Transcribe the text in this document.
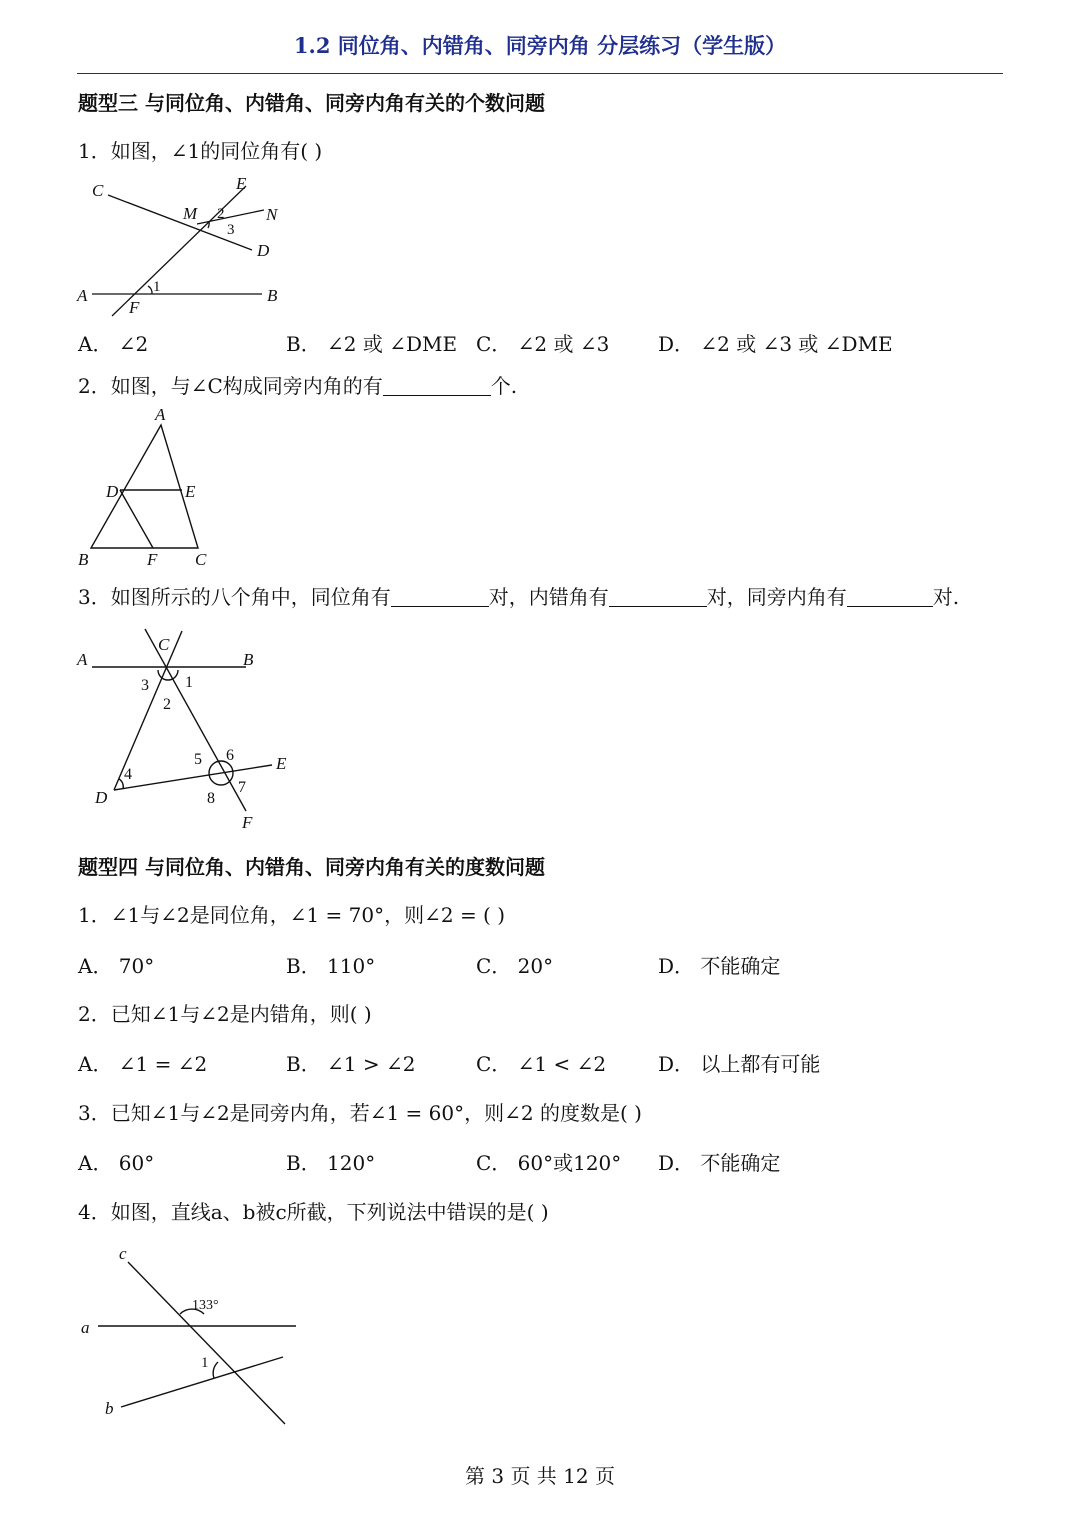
1.2 同位角、内错角、同旁内角 分层练习（学生版）
题型三 与同位角、内错角、同旁内角有关的个数问题
1．如图，∠1的同位角有( )
C	E
M 2 N
3
D
A	1
F
B
A． ∠2	B． ∠2 或 ∠DME C． ∠2 或 ∠3 D． ∠2 或 ∠3 或 ∠DME
2．如图，与∠C构成同旁内角的有	个.
A
D	E
B	F C
3．如图所示的八个角中，同位角有	对，内错角有	对，同旁内角有	对.
C
A	B
3 1
2
4
5 6
7
8
E
D
F
题型四 与同位角、内错角、同旁内角有关的度数问题
1．∠1与∠2是同位角，∠1 = 70°，则∠2 = ( )
A． 70°	B． 110°	C． 20°	D． 不能确定
2．已知∠1与∠2是内错角，则( )
A． ∠1 = ∠2	B． ∠1 > ∠2	C． ∠1 < ∠2	D． 以上都有可能
3．已知∠1与∠2是同旁内角，若∠1 = 60°，则∠2 的度数是( )
A． 60°	B． 120°	C． 60°或120° D． 不能确定
4．如图，直线a、b被c所截，下列说法中错误的是( )
c
133°
a
1
b
第 3 页 共 12 页
